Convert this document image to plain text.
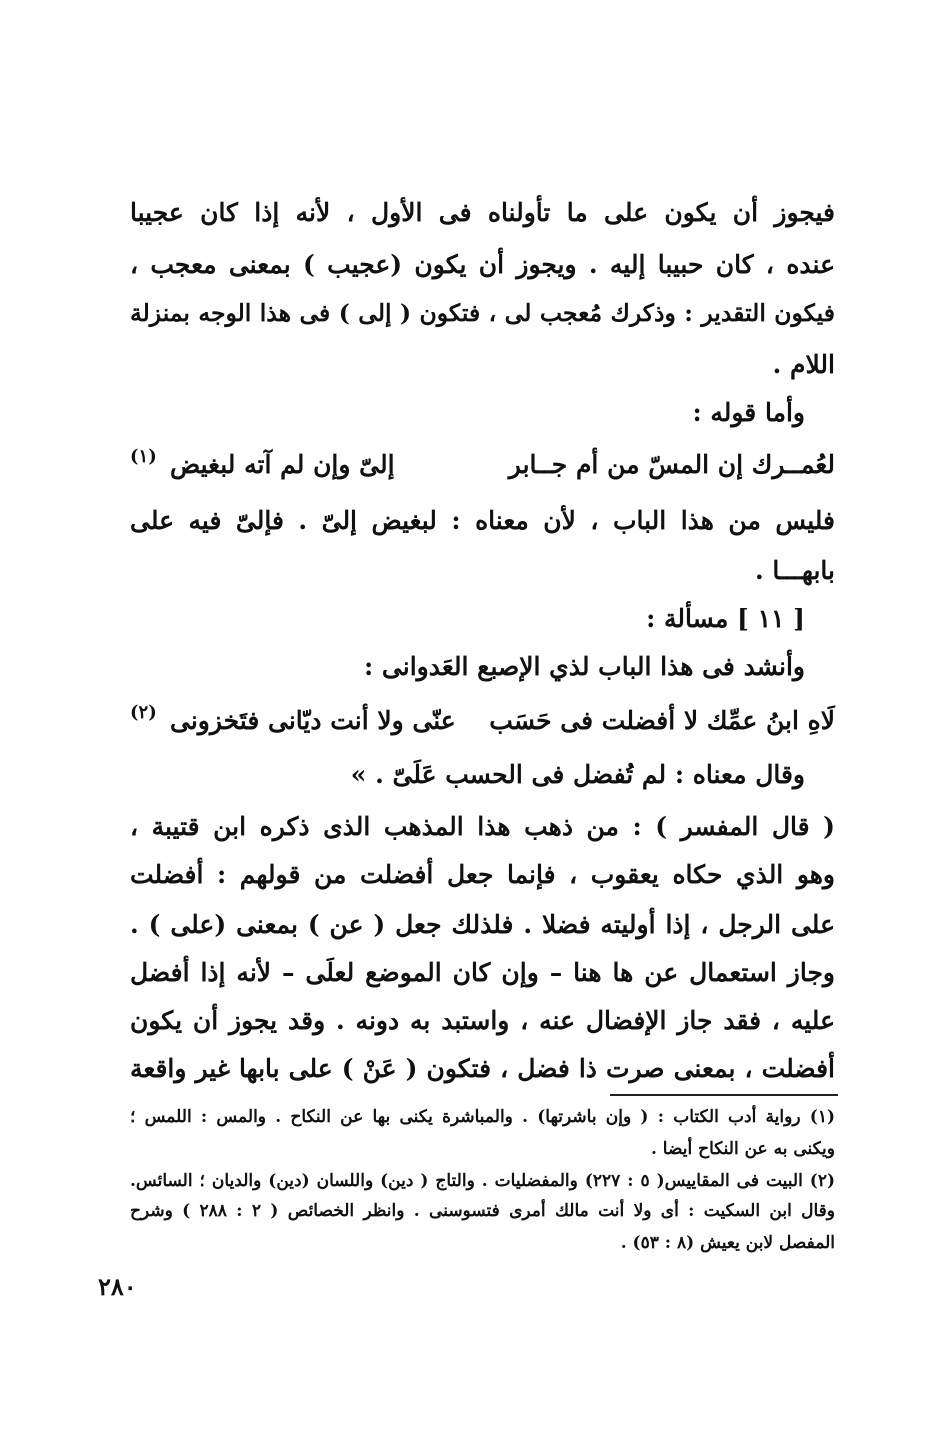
فيجوز أن يكون على ما تأولناه فى الأول ، لأنه إذا كان عجيبا
عنده ، كان حبيبا إليه . ويجوز أن يكون (عجيب ) بمعنى معجب ،
فيكون التقدير : وذكرك مُعجب لى ، فتكون ( إلى ) فى هذا الوجه بمنزلة
اللام .
وأما قوله :
لعُمــرك إن المسّ من أم جــابر
إلىّ وإن لم آته لبغيض
(١)
فليس من هذا الباب ، لأن معناه : لبغيض إلىّ . فإلىّ فيه على
بابهـــا .
[ ١١ ] مسألة :
وأنشد فى هذا الباب لذي الإصبع العَدوانى :
لَاهِ ابنُ عمِّك لا أفضلت فى حَسَب
عنّى ولا أنت ديّانى فتَخزونى
(٢)
وقال معناه : لم تُفضل فى الحسب عَلَىّ . »
( قال المفسر ) : من ذهب هذا المذهب الذى ذكره ابن قتيبة ،
وهو الذي حكاه يعقوب ، فإنما جعل أفضلت من قولهم : أفضلت
على الرجل ، إذا أوليته فضلا . فلذلك جعل ( عن ) بمعنى (على ) .
وجاز استعمال عن ها هنا – وإن كان الموضع لعلَى – لأنه إذا أفضل
عليه ، فقد جاز الإفضال عنه ، واستبد به دونه . وقد يجوز أن يكون
أفضلت ، بمعنى صرت ذا فضل ، فتكون ( عَنْ ) على بابها غير واقعة
(١) رواية أدب الكتاب : ( وإن باشرتها) . والمباشرة يكنى بها عن النكاح . والمس : اللمس ؛
ويكنى به عن النكاح أيضا .
(٢) البيت فى المقاييس( ٥ : ٢٢٧) والمفضليات . والتاج ( دين) واللسان (دين) والديان ؛ السائس.
وقال ابن السكيت : أى ولا أنت مالك أمرى فتسوسنى . وانظر الخصائص ( ٢ : ٢٨٨ ) وشرح
المفصل لابن يعيش (٨ : ٥٣) .
٢٨٠
